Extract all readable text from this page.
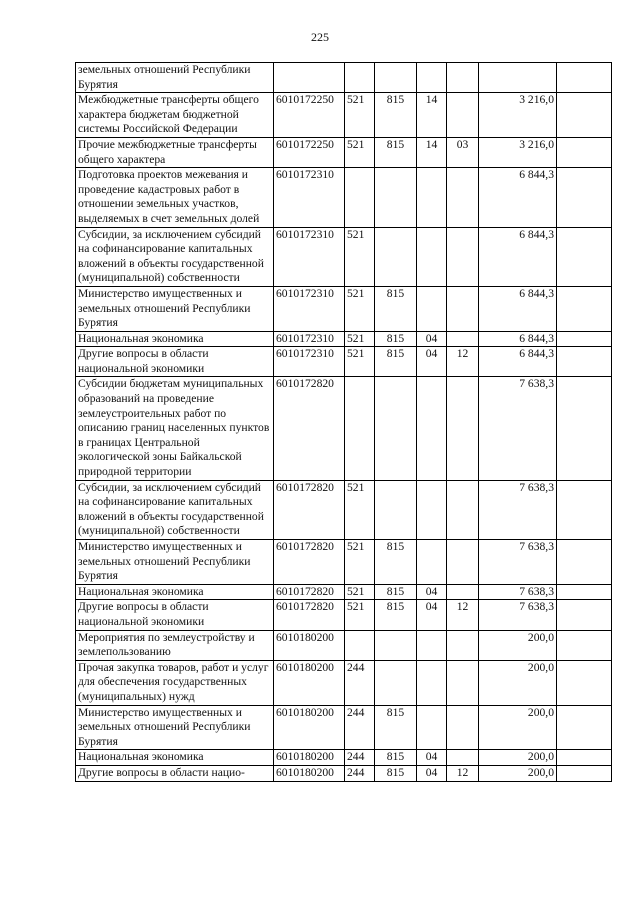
225
земельных отношений Республики Бурятия							
Межбюджетные трансферты общего характера бюджетам бюджетной системы Российской Федерации	6010172250	521	815	14		3 216,0	
Прочие межбюджетные трансферты общего характера	6010172250	521	815	14	03	3 216,0	
Подготовка проектов межевания и проведение кадастровых работ в отношении земельных участков, выделяемых в счет земельных долей	6010172310					6 844,3	
Субсидии, за исключением субсидий на софинансирование капитальных вложений в объекты государственной (муниципальной) собственности	6010172310	521				6 844,3	
Министерство имущественных и земельных отношений Республики Бурятия	6010172310	521	815			6 844,3	
Национальная экономика	6010172310	521	815	04		6 844,3	
Другие вопросы в области национальной экономики	6010172310	521	815	04	12	6 844,3	
Субсидии бюджетам муниципальных образований на проведение землеустроительных работ по описанию границ населенных пунктов в границах Центральной экологической зоны Байкальской природной территории	6010172820					7 638,3	
Субсидии, за исключением субсидий на софинансирование капитальных вложений в объекты государственной (муниципальной) собственности	6010172820	521				7 638,3	
Министерство имущественных и земельных отношений Республики Бурятия	6010172820	521	815			7 638,3	
Национальная экономика	6010172820	521	815	04		7 638,3	
Другие вопросы в области национальной экономики	6010172820	521	815	04	12	7 638,3	
Мероприятия по землеустройству и землепользованию	6010180200					200,0	
Прочая закупка товаров, работ и услуг для обеспечения государственных (муниципальных) нужд	6010180200	244				200,0	
Министерство имущественных и земельных отношений Республики Бурятия	6010180200	244	815			200,0	
Национальная экономика	6010180200	244	815	04		200,0	
Другие вопросы в области нацио-	6010180200	244	815	04	12	200,0	
